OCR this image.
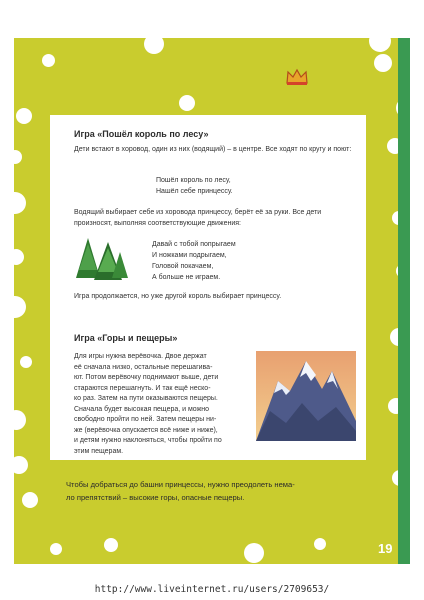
Игра «Пошёл король по лесу»
Дети встают в хоровод, один из них (водящий) – в центре. Все ходят по кругу и поют:
Пошёл король по лесу,
Нашёл себе принцессу.
Водящий выбирает себе из хоровода принцессу, берёт её за руки. Все дети произносят, выполняя соответствующие движения:
Давай с тобой попрыгаем
И ножками подрыгаем,
Головой покачаем,
А больше не играем.
Игра продолжается, но уже другой король выбирает принцессу.
Игра «Горы и пещеры»
Для игры нужна верёвочка. Двое держат
её сначала низко, остальные перешагива-
ют. Потом верёвочку поднимают выше, дети
стараются перешагнуть. И так ещё неско-
ко раз. Затем на пути оказываются пещеры.
Сначала будет высокая пещера, и можно
свободно пройти по ней. Затем пещеры ни-
же (верёвочка опускается всё ниже и ниже),
и детям нужно наклоняться, чтобы пройти по
этим пещерам.
Чтобы добраться до башни принцессы, нужно преодолеть нема-
ло препятствий – высокие горы, опасные пещеры.
19
http://www.liveinternet.ru/users/2709653/
